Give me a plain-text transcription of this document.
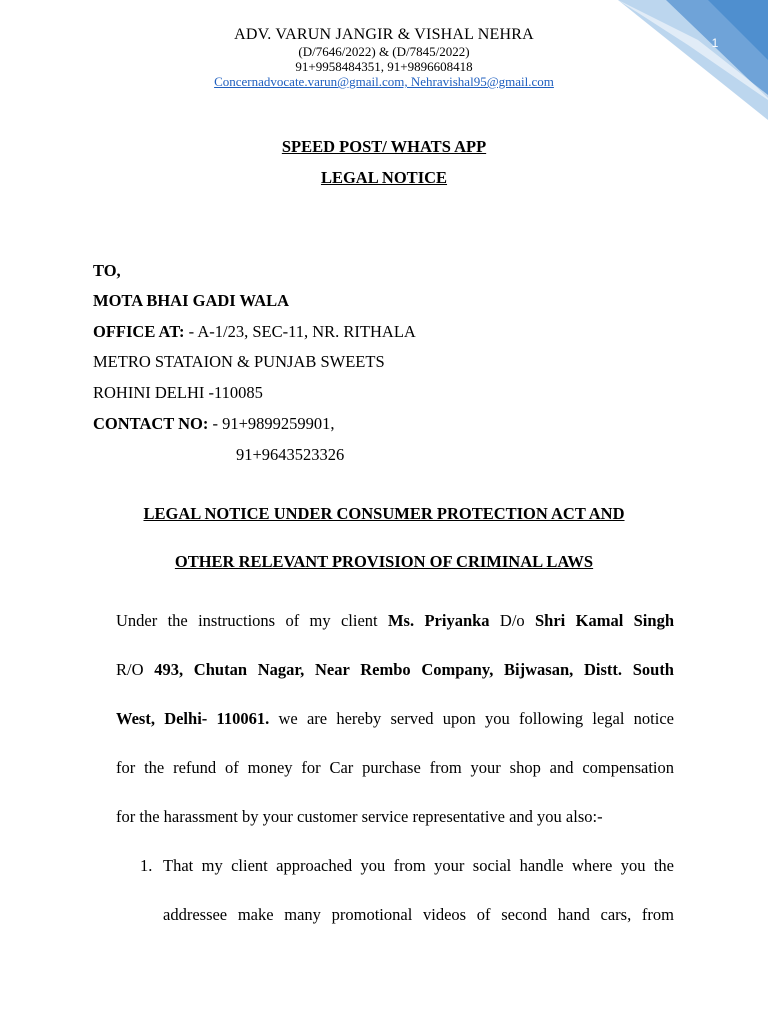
1
ADV. VARUN JANGIR & VISHAL NEHRA
(D/7646/2022) & (D/7845/2022)
91+9958484351, 91+9896608418
Concernadvocate.varun@gmail.com, Nehravishal95@gmail.com
SPEED POST/ WHATS APP
LEGAL NOTICE
TO,
MOTA BHAI GADI WALA
OFFICE AT: - A-1/23, SEC-11, NR. RITHALA
METRO STATAION & PUNJAB SWEETS
ROHINI DELHI -110085
CONTACT NO: - 91+9899259901,
91+9643523326
LEGAL NOTICE UNDER CONSUMER PROTECTION ACT AND
OTHER RELEVANT PROVISION OF CRIMINAL LAWS

Under the instructions of my client Ms. Priyanka D/o Shri Kamal Singh

R/O 493, Chutan Nagar, Near Rembo Company, Bijwasan, Distt. South

West, Delhi- 110061. we are hereby served upon you following legal notice

for the refund of money for Car purchase from your shop and compensation

for the harassment by your customer service representative and you also:-

1. That my client approached you from your social handle where you the

addressee make many promotional videos of second hand cars, from
